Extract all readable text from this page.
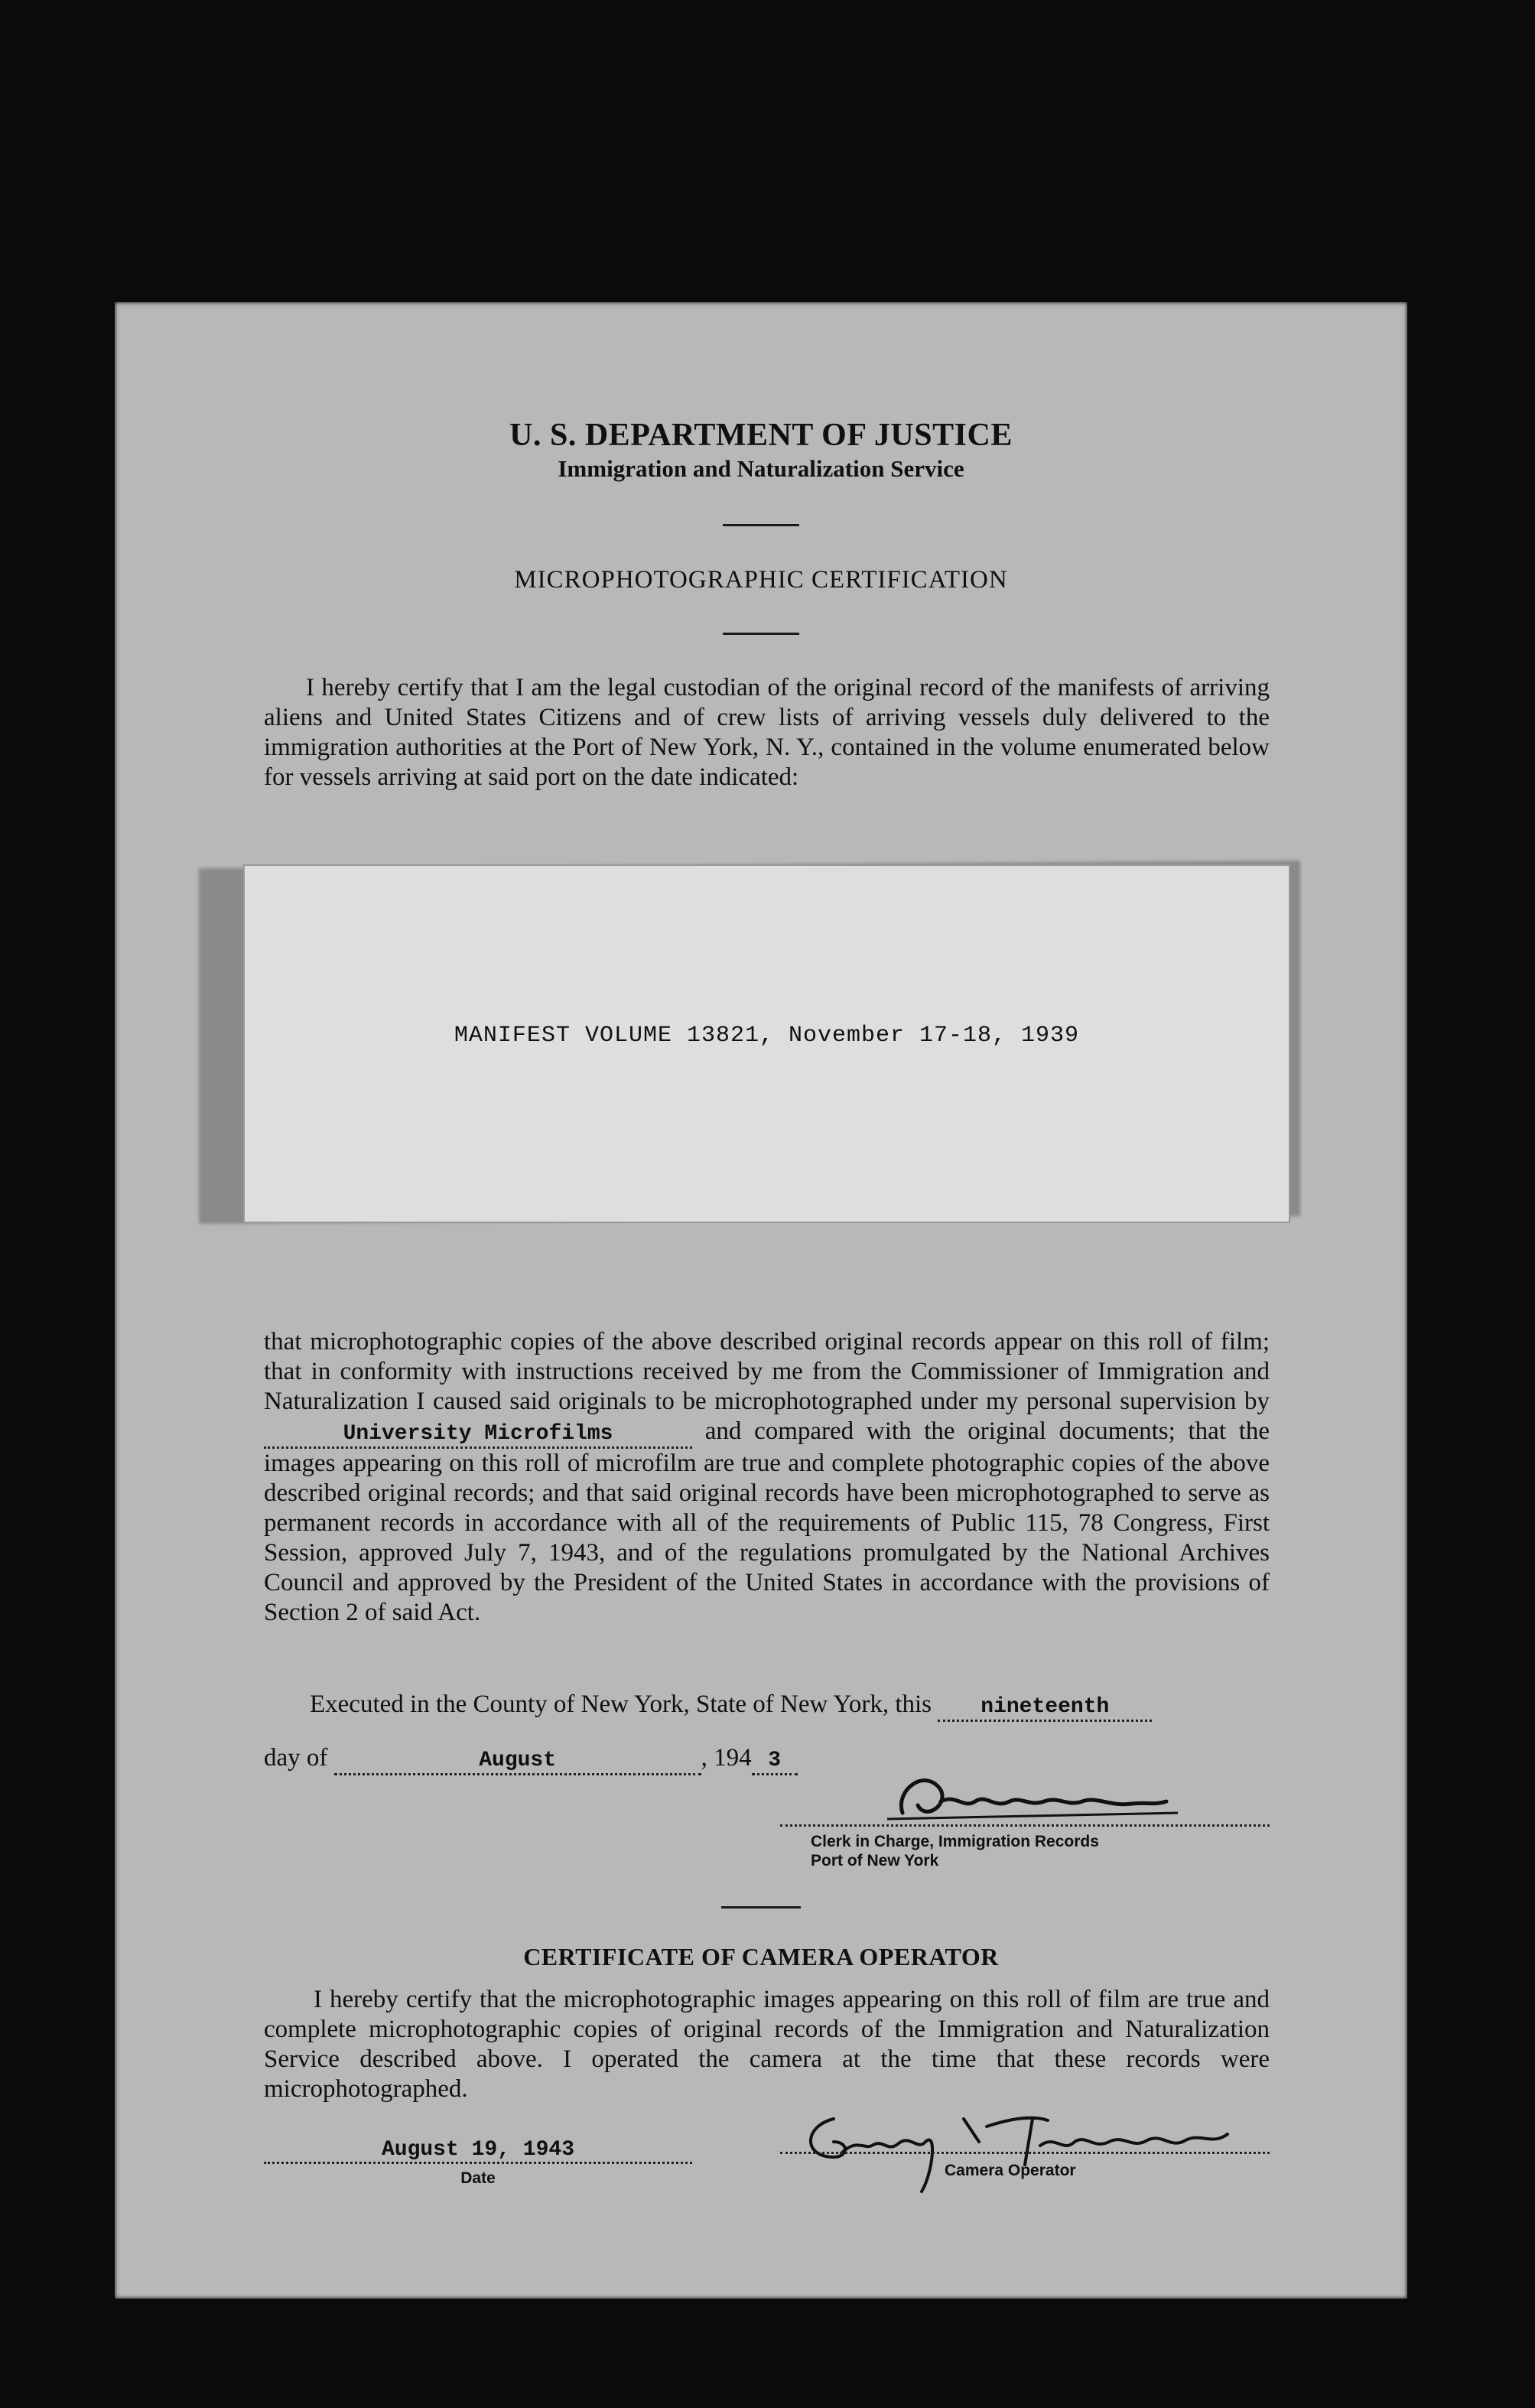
U. S. DEPARTMENT OF JUSTICE
Immigration and Naturalization Service
MICROPHOTOGRAPHIC CERTIFICATION
I hereby certify that I am the legal custodian of the original record of the manifests of arriving aliens and United States Citizens and of crew lists of arriving vessels duly delivered to the immigration authorities at the Port of New York, N. Y., contained in the volume enumerated below for vessels arriving at said port on the date indicated:
MANIFEST VOLUME 13821, November 17-18, 1939
that microphotographic copies of the above described original records appear on this roll of film; that in conformity with instructions received by me from the Commissioner of Immigration and Naturalization I caused said originals to be microphotographed under my personal supervision by University Microfilms	and compared with the original documents; that the images appearing on this roll of microfilm are true and complete photographic copies of the above described original records; and that said original records have been microphotographed to serve as permanent records in accordance with all of the requirements of Public 115, 78 Congress, First Session, approved July 7, 1943, and of the regulations promulgated by the National Archives Council and approved by the President of the United States in accordance with the provisions of Section 2 of said Act.
Executed in the County of New York, State of New York, this nineteenth
day of	August	, 194 3
Clerk in Charge, Immigration Records
Port of New York
CERTIFICATE OF CAMERA OPERATOR
I hereby certify that the microphotographic images appearing on this roll of film are true and complete microphotographic copies of original records of the Immigration and Naturalization Service described above. I operated the camera at the time that these records were microphotographed.
August 19, 1943
Date	Camera Operator
